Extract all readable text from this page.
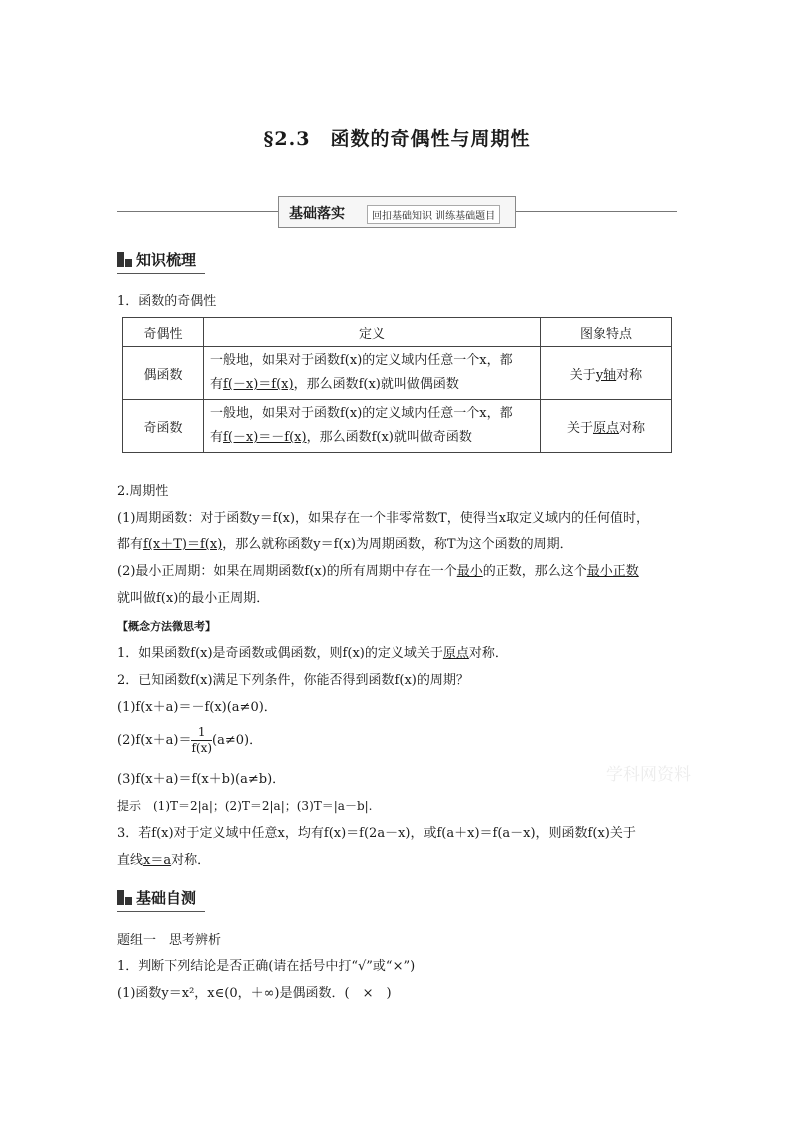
§2.3　函数的奇偶性与周期性
基础落实	回扣基础知识 训练基础题目
知识梳理
1．函数的奇偶性
奇偶性	定义	图象特点
偶函数	一般地，如果对于函数f(x)的定义域内任意一个x，都
有f(－x)＝f(x)，那么函数f(x)就叫做偶函数	关于y轴对称
奇函数	一般地，如果对于函数f(x)的定义域内任意一个x，都
有f(－x)＝－f(x)，那么函数f(x)就叫做奇函数	关于原点对称
2.周期性
(1)周期函数：对于函数y＝f(x)，如果存在一个非零常数T，使得当x取定义域内的任何值时，
都有f(x＋T)＝f(x)，那么就称函数y＝f(x)为周期函数，称T为这个函数的周期．
(2)最小正周期：如果在周期函数f(x)的所有周期中存在一个最小的正数，那么这个最小正数
就叫做f(x)的最小正周期．
【概念方法微思考】
1．如果函数f(x)是奇函数或偶函数，则f(x)的定义域关于原点对称．
2．已知函数f(x)满足下列条件，你能否得到函数f(x)的周期？
(1)f(x＋a)＝－f(x)(a≠0)．
$(2)f(x+a)= \frac{1}{f(x)} (a\ne 0)$．
(3)f(x＋a)＝f(x＋b)(a≠b)．
提示　(1)T＝2|a|；(2)T＝2|a|；(3)T＝|a－b|.
3．若f(x)对于定义域中任意x，均有f(x)＝f(2a－x)，或f(a＋x)＝f(a－x)，则函数f(x)关于
直线x＝a对称．
基础自测
题组一　思考辨析
1．判断下列结论是否正确(请在括号中打“√”或“×”)
(1)函数y＝x²，x∈(0，＋∞)是偶函数．(　×　)
学科网资料
